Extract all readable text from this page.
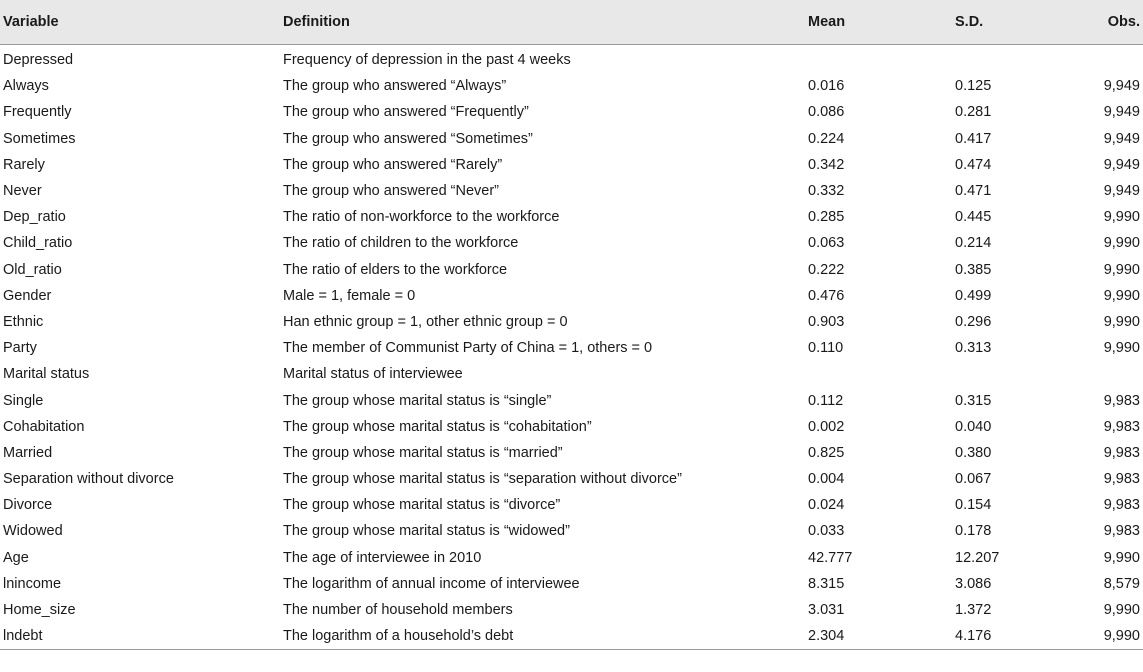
Variable	Definition	Mean	S.D.	Obs.
Depressed	Frequency of depression in the past 4 weeks			
Always	The group who answered “Always”	0.016	0.125	9,949
Frequently	The group who answered “Frequently”	0.086	0.281	9,949
Sometimes	The group who answered “Sometimes”	0.224	0.417	9,949
Rarely	The group who answered “Rarely”	0.342	0.474	9,949
Never	The group who answered “Never”	0.332	0.471	9,949
Dep_ratio	The ratio of non-workforce to the workforce	0.285	0.445	9,990
Child_ratio	The ratio of children to the workforce	0.063	0.214	9,990
Old_ratio	The ratio of elders to the workforce	0.222	0.385	9,990
Gender	Male = 1, female = 0	0.476	0.499	9,990
Ethnic	Han ethnic group = 1, other ethnic group = 0	0.903	0.296	9,990
Party	The member of Communist Party of China = 1, others = 0	0.110	0.313	9,990
Marital status	Marital status of interviewee			
Single	The group whose marital status is “single”	0.112	0.315	9,983
Cohabitation	The group whose marital status is “cohabitation”	0.002	0.040	9,983
Married	The group whose marital status is “married”	0.825	0.380	9,983
Separation without divorce	The group whose marital status is “separation without divorce”	0.004	0.067	9,983
Divorce	The group whose marital status is “divorce”	0.024	0.154	9,983
Widowed	The group whose marital status is “widowed”	0.033	0.178	9,983
Age	The age of interviewee in 2010	42.777	12.207	9,990
lnincome	The logarithm of annual income of interviewee	8.315	3.086	8,579
Home_size	The number of household members	3.031	1.372	9,990
lndebt	The logarithm of a household’s debt	2.304	4.176	9,990
